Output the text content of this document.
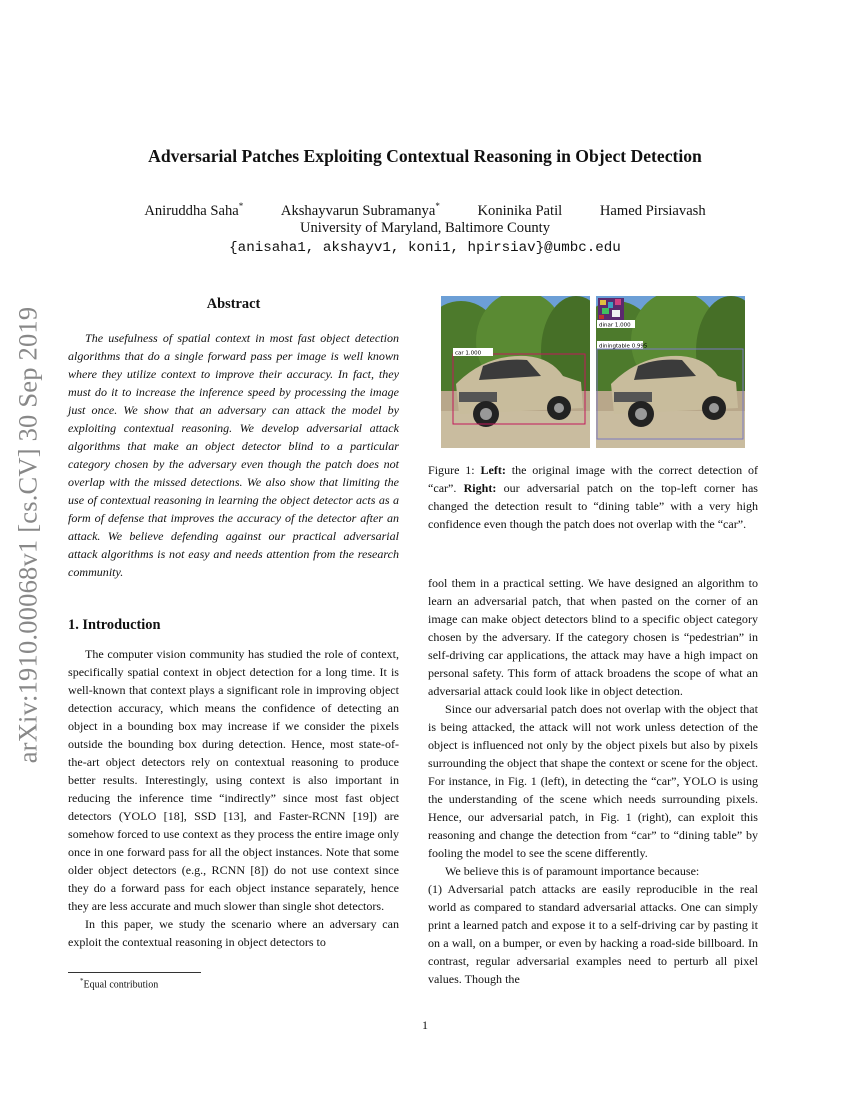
arXiv:1910.00068v1 [cs.CV] 30 Sep 2019
Adversarial Patches Exploiting Contextual Reasoning in Object Detection
Aniruddha Saha*	Akshayvarun Subramanya*	Koninika Patil	Hamed Pirsiavash
University of Maryland, Baltimore County
{anisaha1, akshayv1, koni1, hpirsiav}@umbc.edu
Abstract

The usefulness of spatial context in most fast object detection algorithms that do a single forward pass per image is well known where they utilize context to improve their accuracy. In fact, they must do it to increase the inference speed by processing the image just once. We show that an adversary can attack the model by exploiting contextual reasoning. We develop adversarial attack algorithms that make an object detector blind to a particular category chosen by the adversary even though the patch does not overlap with the missed detections. We also show that limiting the use of contextual reasoning in learning the object detector acts as a form of defense that improves the accuracy of the detector after an attack. We believe defending against our practical adversarial attack algorithms is not easy and needs attention from the research community.

1. Introduction

The computer vision community has studied the role of context, specifically spatial context in object detection for a long time. It is well-known that context plays a significant role in improving object detection accuracy, which means the confidence of detecting an object in a bounding box may increase if we consider the pixels outside the bounding box during detection. Hence, most state-of-the-art object detectors rely on contextual reasoning to produce better results. Interestingly, using context is also important in reducing the inference time “indirectly” since most fast object detectors (YOLO [18], SSD [13], and Faster-RCNN [19]) are somehow forced to use context as they process the entire image only once in one forward pass for all the object instances. Note that some older object detectors (e.g., RCNN [8]) do not use context since they do a forward pass for each object instance separately, hence they are less accurate and much slower than single shot detectors.

In this paper, we study the scenario where an adversary can exploit the contextual reasoning in object detectors to

*Equal contribution
car 1.000
dinar 1.000
diningtable 0.995

Figure 1: Left: the original image with the correct detection of “car”. Right: our adversarial patch on the top-left corner has changed the detection result to “dining table” with a very high confidence even though the patch does not overlap with the “car”.

fool them in a practical setting. We have designed an algorithm to learn an adversarial patch, that when pasted on the corner of an image can make object detectors blind to a specific object category chosen by the adversary. If the category chosen is “pedestrian” in self-driving car applications, the attack may have a high impact on personal safety. This form of attack broadens the scope of what an adversarial attack could look like in object detection.

Since our adversarial patch does not overlap with the object that is being attacked, the attack will not work unless detection of the object is influenced not only by the object pixels but also by pixels surrounding the object that shape the context or scene for the object. For instance, in Fig. 1 (left), in detecting the “car”, YOLO is using the understanding of the scene which needs surrounding pixels. Hence, our adversarial patch, in Fig. 1 (right), can exploit this reasoning and change the detection from “car” to “dining table” by fooling the model to see the scene differently.

We believe this is of paramount importance because:

(1) Adversarial patch attacks are easily reproducible in the real world as compared to standard adversarial attacks. One can simply print a learned patch and expose it to a self-driving car by pasting it on a wall, on a bumper, or even by hacking a road-side billboard. In contrast, regular adversarial examples need to perturb all pixel values. Though the

1
